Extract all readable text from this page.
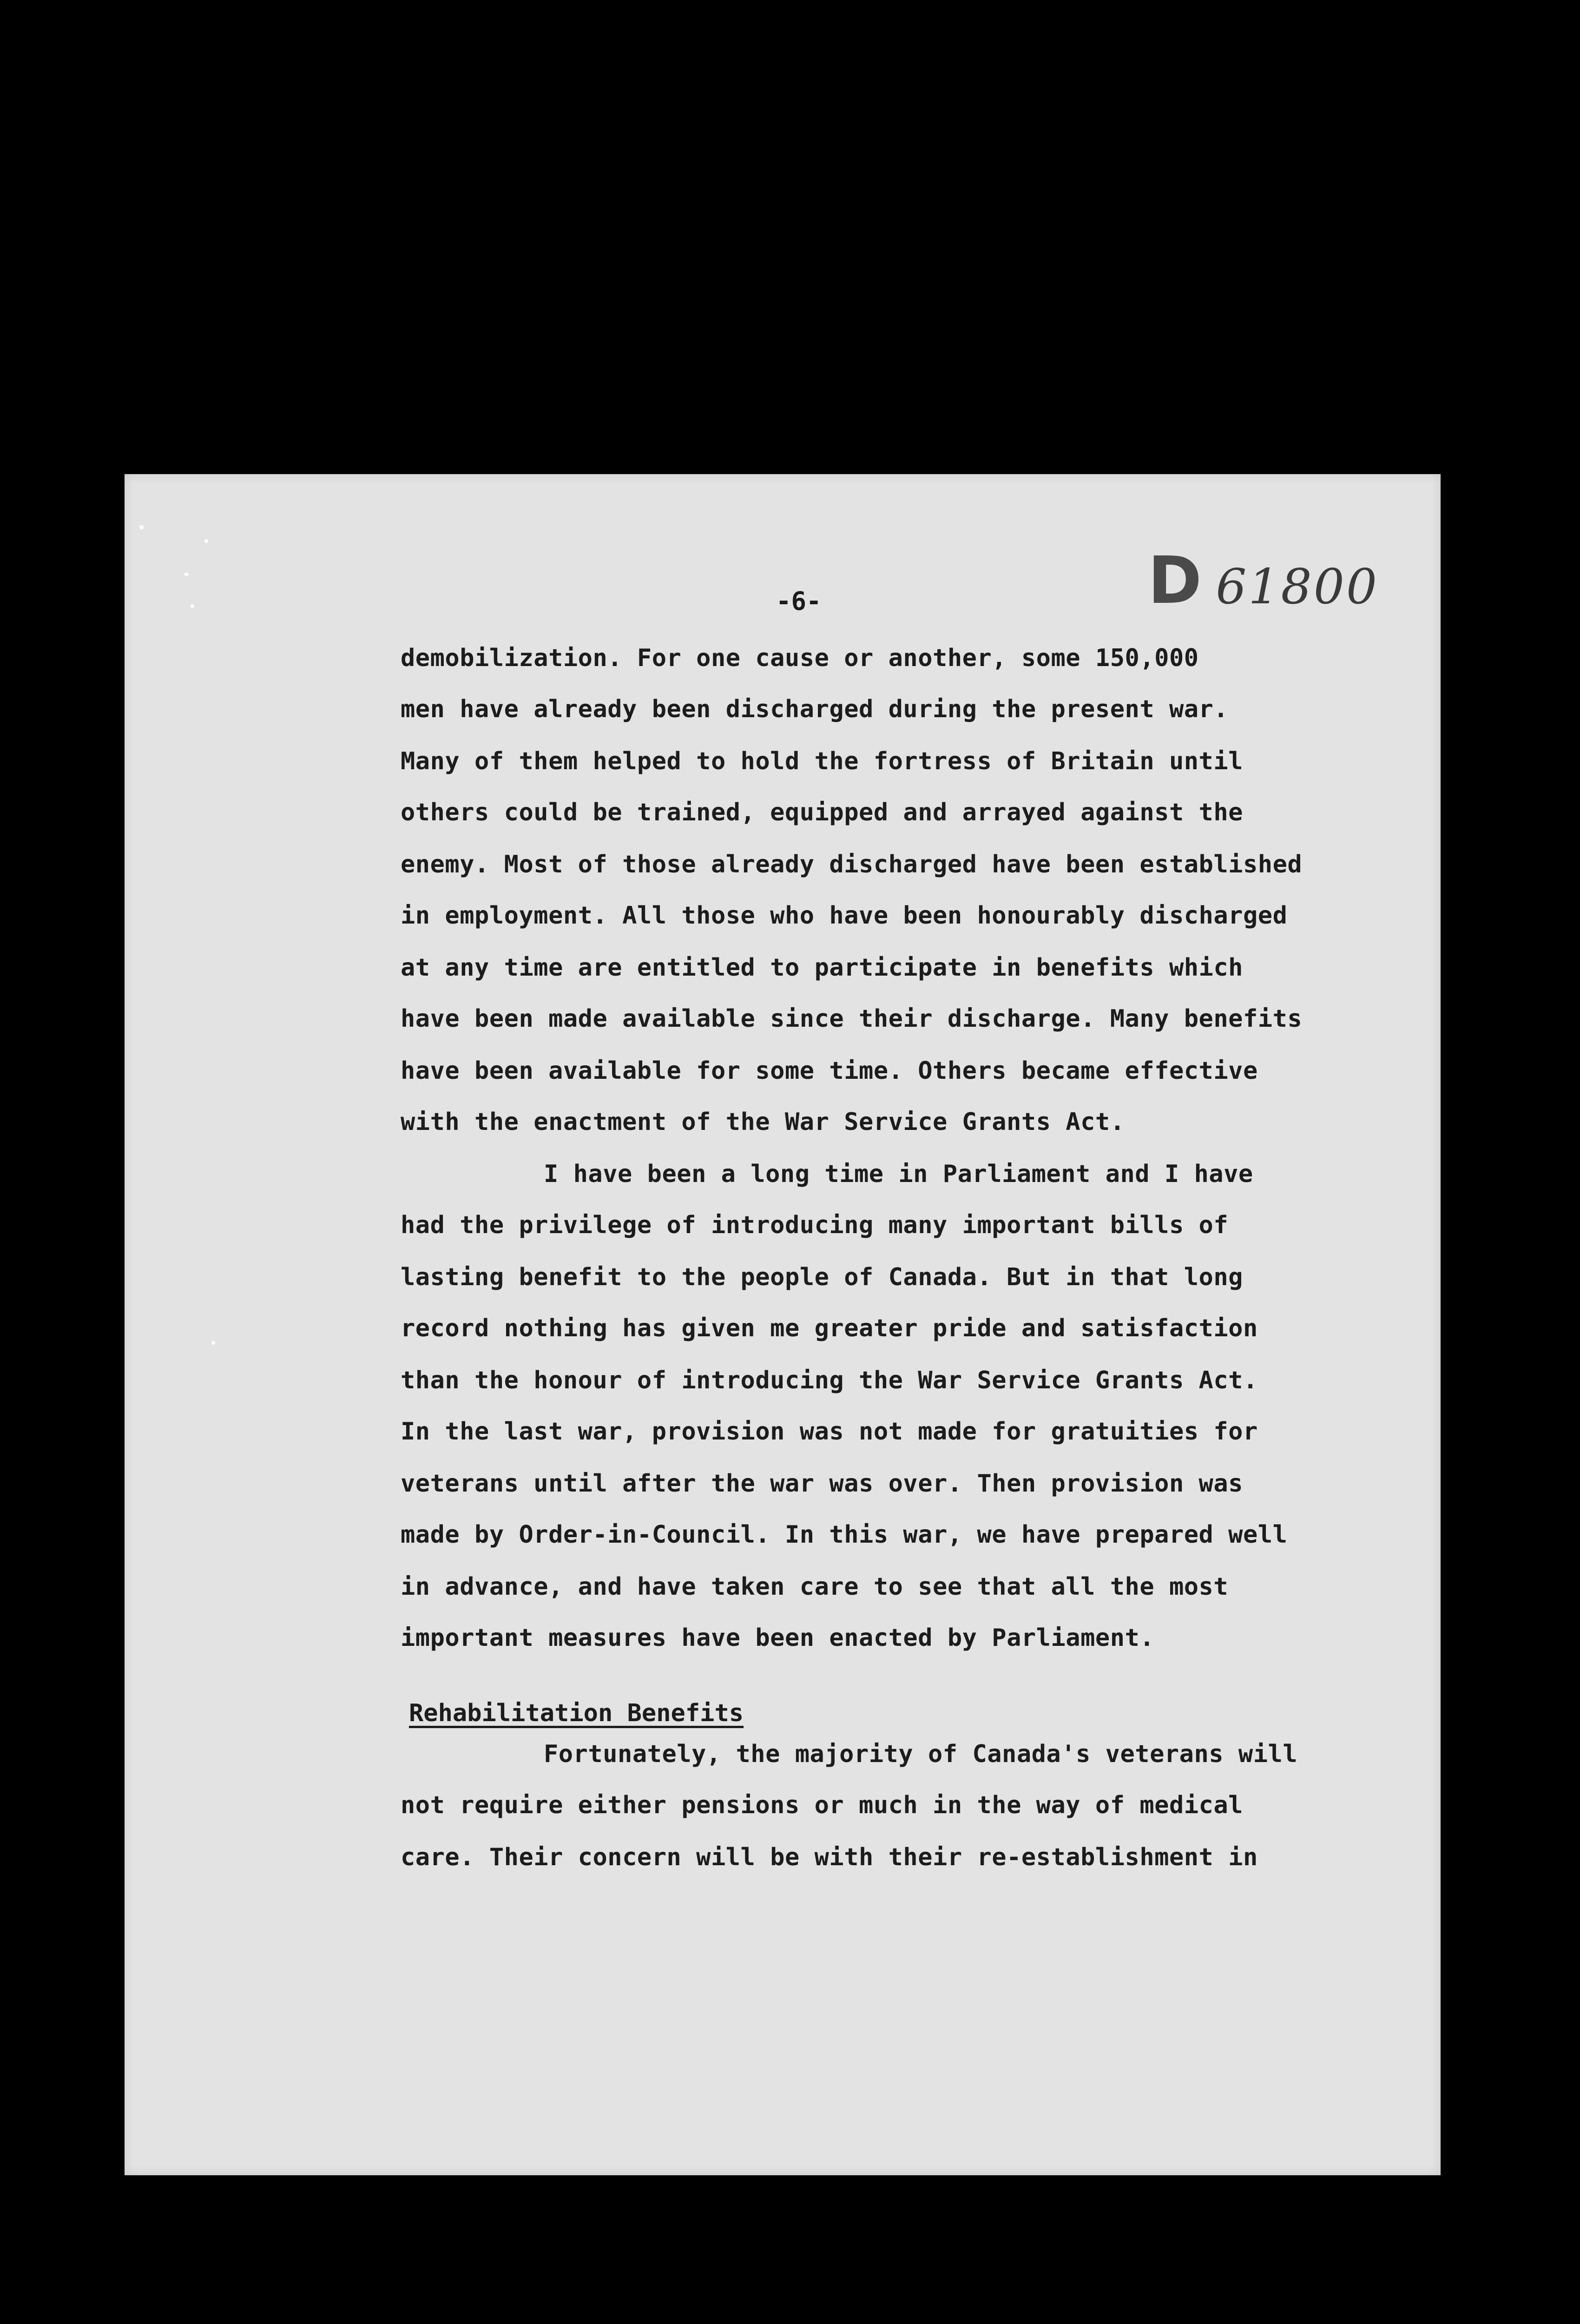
D 61800
-6-
demobilization. For one cause or another, some 150,000
men have already been discharged during the present war.
Many of them helped to hold the fortress of Britain until
others could be trained, equipped and arrayed against the
enemy. Most of those already discharged have been established
in employment. All those who have been honourably discharged
at any time are entitled to participate in benefits which
have been made available since their discharge. Many benefits
have been available for some time. Others became effective
with the enactment of the War Service Grants Act.
I have been a long time in Parliament and I have
had the privilege of introducing many important bills of
lasting benefit to the people of Canada. But in that long
record nothing has given me greater pride and satisfaction
than the honour of introducing the War Service Grants Act.
In the last war, provision was not made for gratuities for
veterans until after the war was over. Then provision was
made by Order-in-Council. In this war, we have prepared well
in advance, and have taken care to see that all the most
important measures have been enacted by Parliament.
Rehabilitation Benefits
Fortunately, the majority of Canada's veterans will
not require either pensions or much in the way of medical
care. Their concern will be with their re-establishment in
